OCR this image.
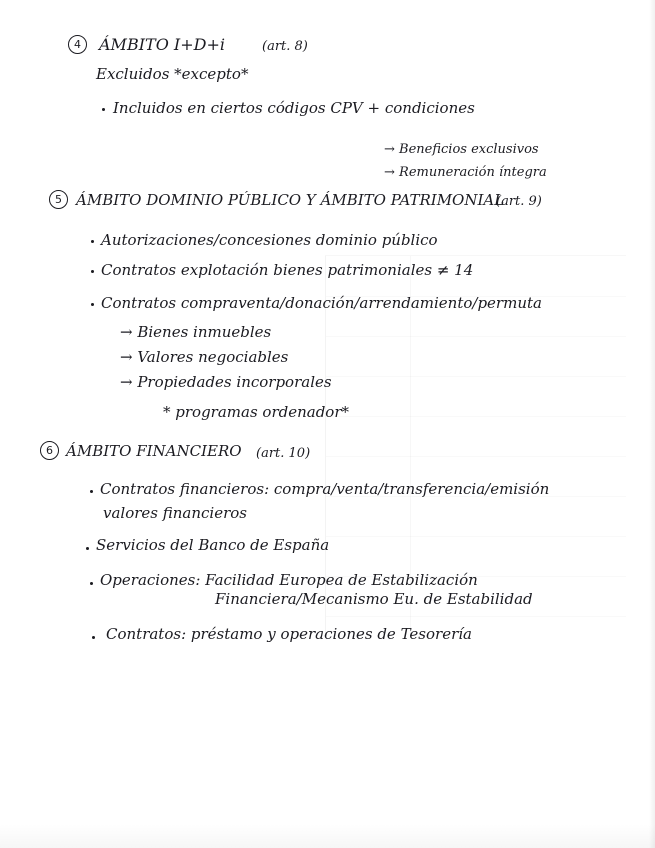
4	ÁMBITO I+D+i	(art. 8)
Excluidos *excepto*
Incluidos en ciertos códigos CPV + condiciones
→ Beneficios exclusivos
→ Remuneración íntegra
5 ÁMBITO DOMINIO PÚBLICO Y ÁMBITO PATRIMONIAL
(art. 9)
Autorizaciones/concesiones dominio público
Contratos explotación bienes patrimoniales ≠ 14
Contratos compraventa/donación/arrendamiento/permuta
→ Bienes inmuebles
→ Valores negociables
→ Propiedades incorporales
* programas ordenador*
6 ÁMBITO FINANCIERO (art. 10)
Contratos financieros: compra/venta/transferencia/emisión
valores financieros
Servicios del Banco de España
Operaciones: Facilidad Europea de Estabilización
Financiera/Mecanismo Eu. de Estabilidad
Contratos: préstamo y operaciones de Tesorería
